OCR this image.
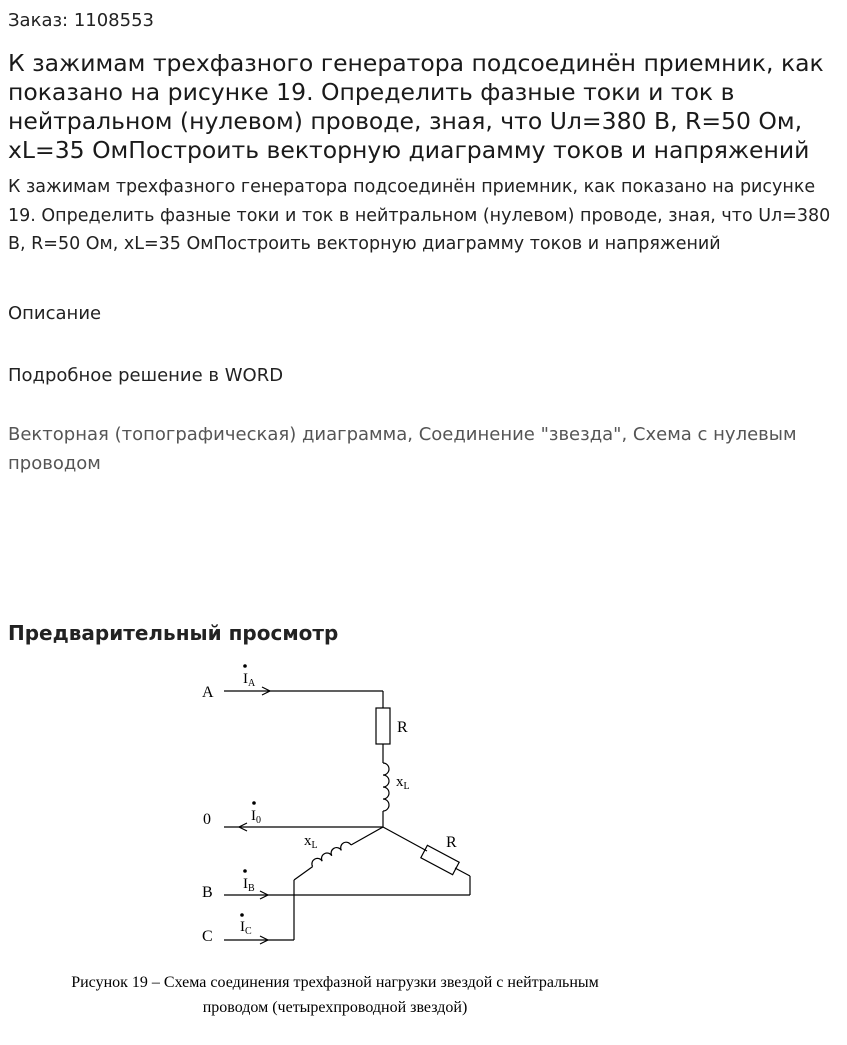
Заказ: 1108553
К зажимам трехфазного генератора подсоединён приемник, как показано на рисунке 19. Определить фазные токи и ток в нейтральном (нулевом) проводе, зная, что Uл=380 В, R=50 Ом, xL=35 ОмПостроить векторную диаграмму токов и напряжений
К зажимам трехфазного генератора подсоединён приемник, как показано на рисунке 19. Определить фазные токи и ток в нейтральном (нулевом) проводе, зная, что Uл=380 В, R=50 Ом, xL=35 ОмПостроить векторную диаграмму токов и напряжений
Описание
Подробное решение в WORD
Векторная (топографическая) диаграмма, Соединение "звезда", Схема с нулевым проводом
Предварительный просмотр
A
0
B
C
$I_A$
$I_0$
$I_B$
$I_C$
R
$x_L$
$x_L$	R
Рисунок 19 – Схема соединения трехфазной нагрузки звездой с нейтральным
проводом (четырехпроводной звездой)
